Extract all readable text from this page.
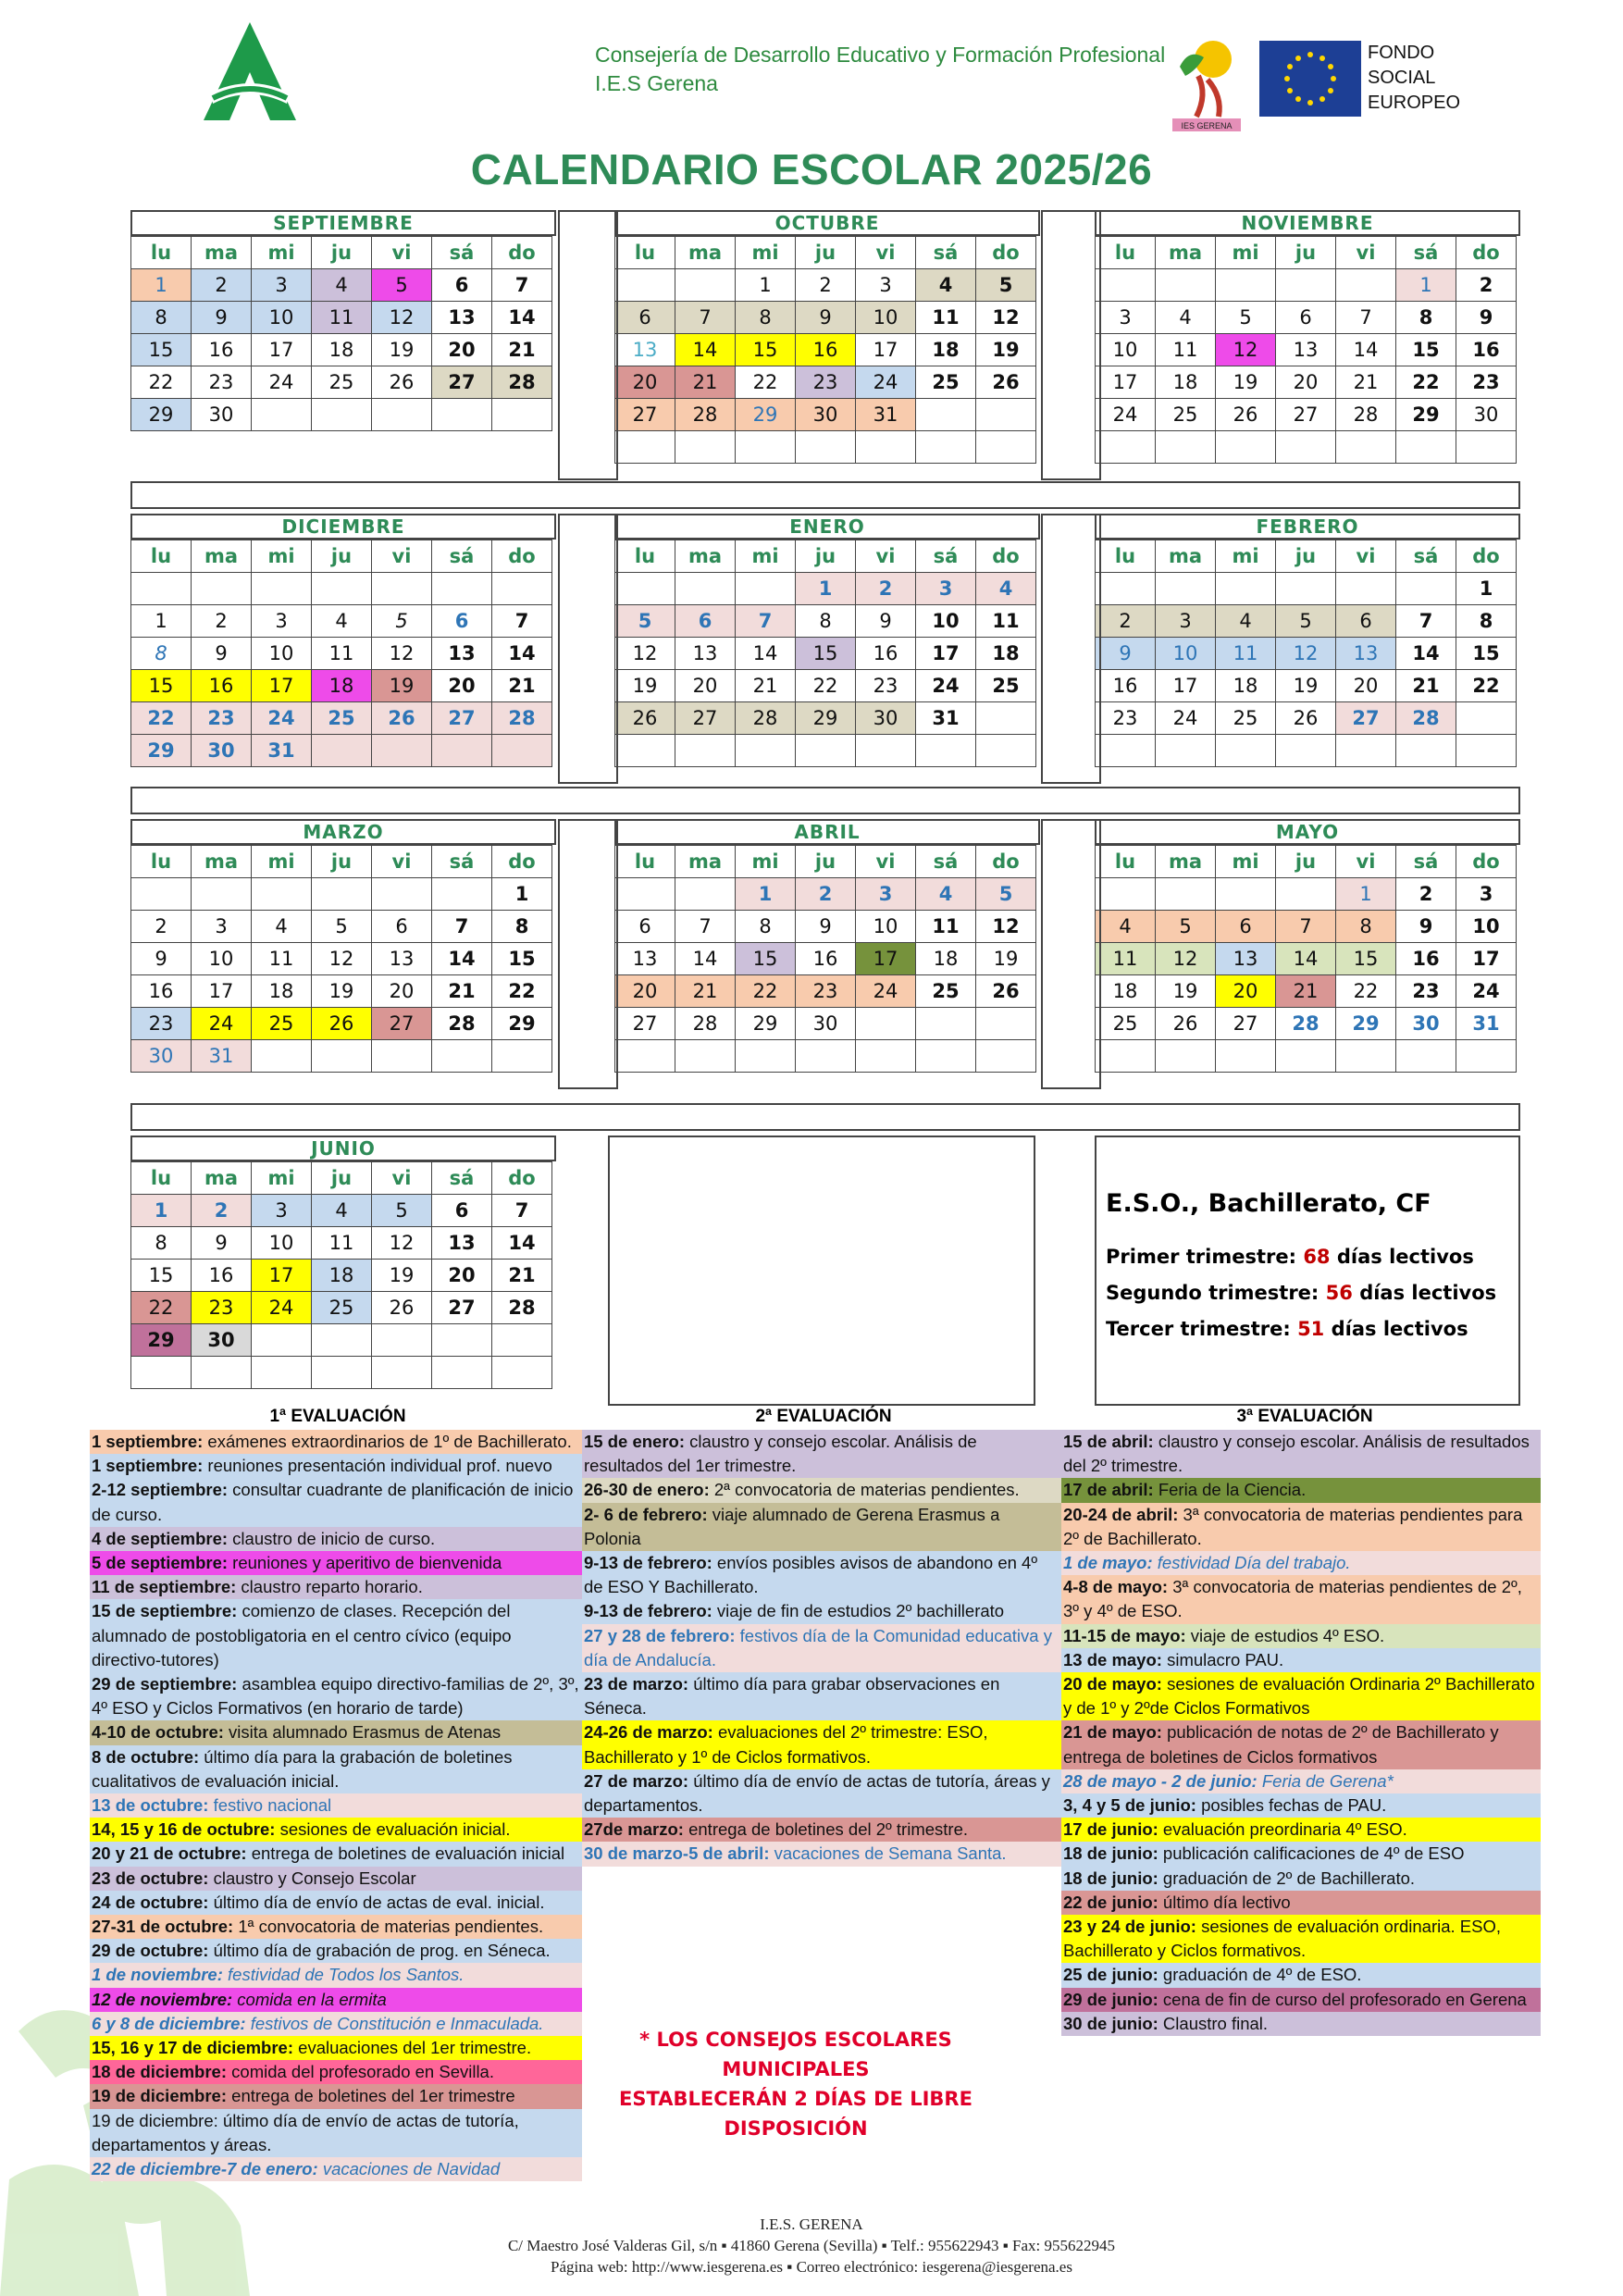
Consejería de Desarrollo Educativo y Formación Profesional
I.E.S Gerena
IES GERENA
FONDO
SOCIAL
EUROPEO
CALENDARIO ESCOLAR 2025/26
SEPTIEMBRE
lu	ma	mi	ju	vi	sá	do
1	2	3	4	5	6	7
8	9	10	11	12	13	14
15	16	17	18	19	20	21
22	23	24	25	26	27	28
29	30					
OCTUBRE
lu	ma	mi	ju	vi	sá	do
		1	2	3	4	5
6	7	8	9	10	11	12
13	14	15	16	17	18	19
20	21	22	23	24	25	26
27	28	29	30	31		

NOVIEMBRE
lu	ma	mi	ju	vi	sá	do
					1	2
3	4	5	6	7	8	9
10	11	12	13	14	15	16
17	18	19	20	21	22	23
24	25	26	27	28	29	30

DICIEMBRE
lu	ma	mi	ju	vi	sá	do

1	2	3	4	5	6	7
8	9	10	11	12	13	14
15	16	17	18	19	20	21
22	23	24	25	26	27	28
29	30	31				
ENERO
lu	ma	mi	ju	vi	sá	do
			1	2	3	4
5	6	7	8	9	10	11
12	13	14	15	16	17	18
19	20	21	22	23	24	25
26	27	28	29	30	31	

FEBRERO
lu	ma	mi	ju	vi	sá	do
						1
2	3	4	5	6	7	8
9	10	11	12	13	14	15
16	17	18	19	20	21	22
23	24	25	26	27	28	

MARZO
lu	ma	mi	ju	vi	sá	do
						1
2	3	4	5	6	7	8
9	10	11	12	13	14	15
16	17	18	19	20	21	22
23	24	25	26	27	28	29
30	31					
ABRIL
lu	ma	mi	ju	vi	sá	do
		1	2	3	4	5
6	7	8	9	10	11	12
13	14	15	16	17	18	19
20	21	22	23	24	25	26
27	28	29	30			

MAYO
lu	ma	mi	ju	vi	sá	do
				1	2	3
4	5	6	7	8	9	10
11	12	13	14	15	16	17
18	19	20	21	22	23	24
25	26	27	28	29	30	31

JUNIO
lu	ma	mi	ju	vi	sá	do
1	2	3	4	5	6	7
8	9	10	11	12	13	14
15	16	17	18	19	20	21
22	23	24	25	26	27	28
29	30					

E.S.O., Bachillerato, CF
Primer trimestre: 68 días lectivos
Segundo trimestre: 56 días lectivos
Tercer trimestre: 51 días lectivos
1ª EVALUACIÓN	2ª EVALUACIÓN	3ª EVALUACIÓN
1 septiembre: exámenes extraordinarios de 1º de Bachillerato.
1 septiembre: reuniones presentación individual prof. nuevo
2-12 septiembre: consultar cuadrante de planificación de inicio de curso.
4 de septiembre: claustro de inicio de curso.
5 de septiembre: reuniones y aperitivo de bienvenida
11 de septiembre: claustro reparto horario.
15 de septiembre: comienzo de clases. Recepción del alumnado de postobligatoria en el centro cívico (equipo directivo-tutores)
29 de septiembre: asamblea equipo directivo-familias de 2º, 3º, 4º ESO y Ciclos Formativos (en horario de tarde)
4-10 de octubre: visita alumnado Erasmus de Atenas
8 de octubre: último día para la grabación de boletines cualitativos de evaluación inicial.
13 de octubre: festivo nacional
14, 15 y 16 de octubre: sesiones de evaluación inicial.
20 y 21 de octubre: entrega de boletines de evaluación inicial
23 de octubre: claustro y Consejo Escolar
24 de octubre: último día de envío de actas de eval. inicial.
27-31 de octubre: 1ª convocatoria de materias pendientes.
29 de octubre: último día de grabación de prog. en Séneca.
1 de noviembre: festividad de Todos los Santos.
12 de noviembre: comida en la ermita
6 y 8 de diciembre: festivos de Constitución e Inmaculada.
15, 16 y 17 de diciembre: evaluaciones del 1er trimestre.
18 de diciembre: comida del profesorado en Sevilla.
19 de diciembre: entrega de boletines del 1er trimestre
19 de diciembre: último día de envío de actas de tutoría, departamentos y áreas.
22 de diciembre-7 de enero: vacaciones de Navidad
15 de enero: claustro y consejo escolar. Análisis de resultados del 1er trimestre.
26-30 de enero: 2ª convocatoria de materias pendientes.
2- 6 de febrero: viaje alumnado de Gerena Erasmus a Polonia
9-13 de febrero: envíos posibles avisos de abandono en 4º de ESO Y Bachillerato.
9-13 de febrero: viaje de fin de estudios 2º bachillerato
27 y 28 de febrero: festivos día de la Comunidad educativa y día de Andalucía.
23 de marzo: último día para grabar observaciones en Séneca.
24-26 de marzo: evaluaciones del 2º trimestre: ESO, Bachillerato y 1º de Ciclos formativos.
27 de marzo: último día de envío de actas de tutoría, áreas y departamentos.
27de marzo: entrega de boletines del 2º trimestre.
30 de marzo-5 de abril: vacaciones de Semana Santa.
15 de abril: claustro y consejo escolar. Análisis de resultados del 2º trimestre.
17 de abril: Feria de la Ciencia.
20-24 de abril: 3ª convocatoria de materias pendientes para 2º de Bachillerato.
1 de mayo: festividad Día del trabajo.
4-8 de mayo: 3ª convocatoria de materias pendientes de 2º, 3º y 4º de ESO.
11-15 de mayo: viaje de estudios 4º ESO.
13 de mayo: simulacro PAU.
20 de mayo: sesiones de evaluación Ordinaria 2º Bachillerato y de 1º y 2ºde Ciclos Formativos
21 de mayo: publicación de notas de 2º de Bachillerato y entrega de boletines de Ciclos formativos
28 de mayo - 2 de junio: Feria de Gerena*
3, 4 y 5 de junio: posibles fechas de PAU.
17 de junio: evaluación preordinaria 4º ESO.
18 de junio: publicación calificaciones de 4º de ESO
18 de junio: graduación de 2º de Bachillerato.
22 de junio: último día lectivo
23 y 24 de junio: sesiones de evaluación ordinaria. ESO, Bachillerato y Ciclos formativos.
25 de junio: graduación de 4º de ESO.
29 de junio: cena de fin de curso del profesorado en Gerena
30 de junio: Claustro final.
* LOS CONSEJOS ESCOLARES MUNICIPALES
ESTABLECERÁN 2 DÍAS DE LIBRE DISPOSICIÓN
I.E.S. GERENA
C/ Maestro José Valderas Gil, s/n ▪ 41860 Gerena (Sevilla) ▪ Telf.: 955622943 ▪ Fax: 955622945
Página web: http://www.iesgerena.es ▪ Correo electrónico: iesgerena@iesgerena.es
